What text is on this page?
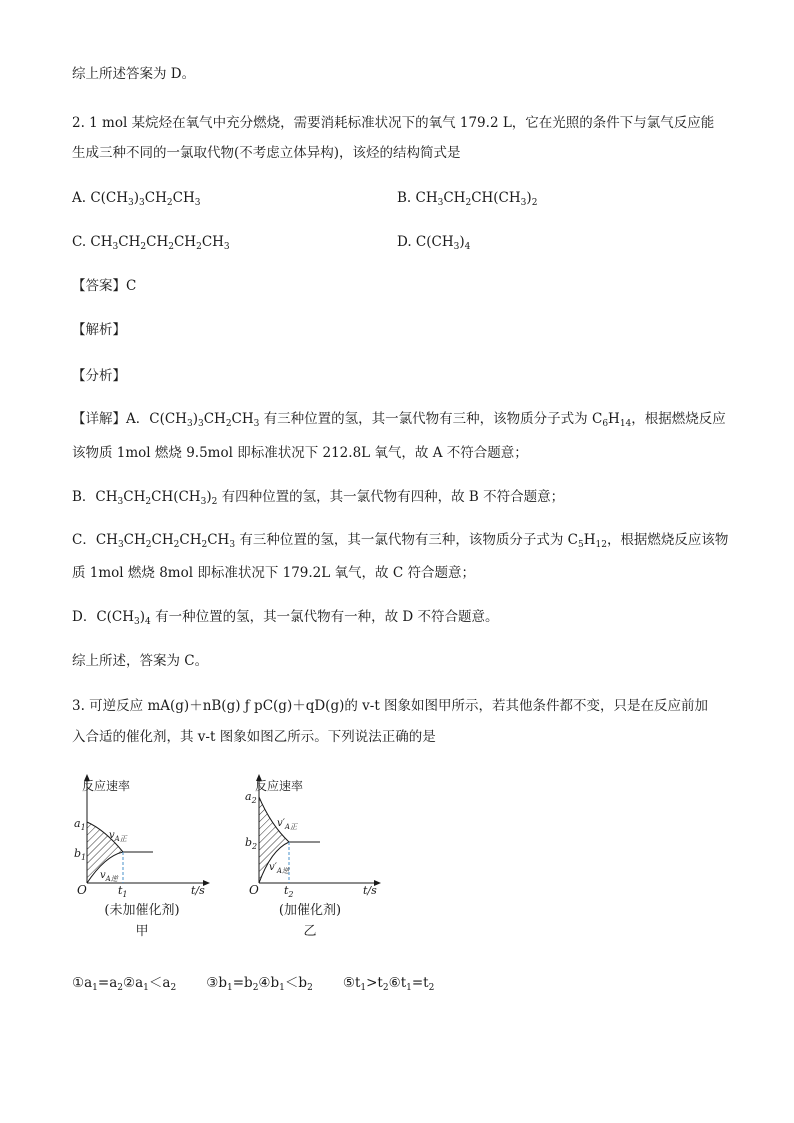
综上所述答案为 D。
2. 1 mol 某烷烃在氧气中充分燃烧，需要消耗标准状况下的氧气 179.2 L，它在光照的条件下与氯气反应能
生成三种不同的一氯取代物(不考虑立体异构)，该烃的结构简式是
A. $C(CH_3)_3CH_2CH_3$	B. $CH_3CH_2CH(CH_3)_2$
C. $CH_3CH_2CH_2CH_2CH_3$	D. $C(CH_3)_4$
【答案】C
【解析】
【分析】
【详解】A．$C(CH_3)_3CH_2CH_3$ 有三种位置的氢，其一氯代物有三种，该物质分子式为 $C_6H_{14}$，根据燃烧反应
该物质 1mol 燃烧 9.5mol 即标准状况下 212.8L 氧气，故 A 不符合题意；
B．$CH_3CH_2CH(CH_3)_2$ 有四种位置的氢，其一氯代物有四种，故 B 不符合题意；
C．$CH_3CH_2CH_2CH_2CH_3$ 有三种位置的氢，其一氯代物有三种，该物质分子式为 $C_5H_{12}$，根据燃烧反应该物
质 1mol 燃烧 8mol 即标准状况下 179.2L 氧气，故 C 符合题意；
D．$C(CH_3)_4$ 有一种位置的氢，其一氯代物有一种，故 D 不符合题意。
综上所述，答案为 C。
3. 可逆反应 mA(g)＋nB(g) ƒ pC(g)＋qD(g)的 v-t 图象如图甲所示，若其他条件都不变，只是在反应前加
入合适的催化剂，其 v-t 图象如图乙所示。下列说法正确的是
反应速率
$a_1$
$b_1$
$v_{A正}$
$v_{A逆}$
O	$t_1$	t/s
(未加催化剂)
甲
反应速率
$a_2$
$b_2$
$v'_{A正}$
$v'_{A逆}$
O $t_2$	t/s
(加催化剂)
乙
$①a_1=a_2②a_1<a_2$       $③b_1=b_2④b_1<b_2$       $⑤t_1>t_2⑥t_1=t_2$
